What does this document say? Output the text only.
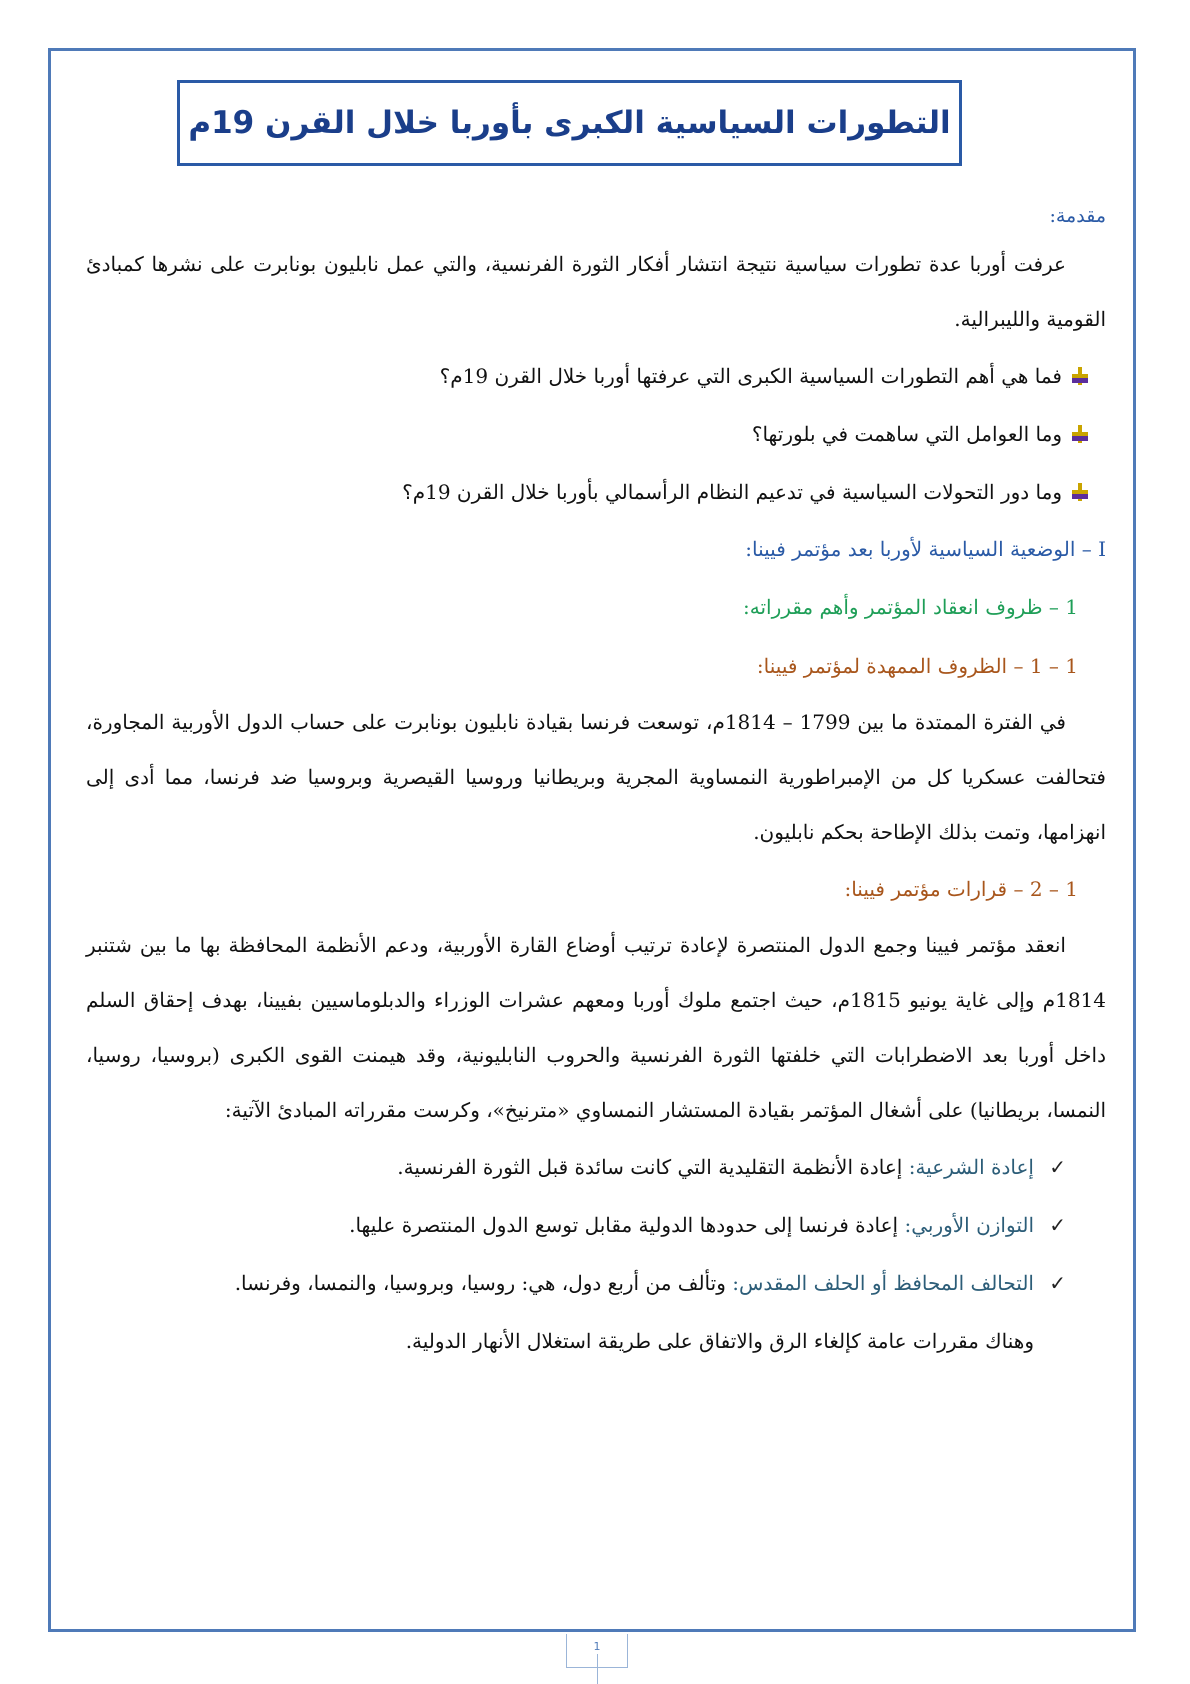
التطورات السياسية الكبرى بأوربا خلال القرن 19م

مقدمة:

عرفت أوربا عدة تطورات سياسية نتيجة انتشار أفكار الثورة الفرنسية، والتي عمل نابليون بونابرت على نشرها كمبادئ القومية والليبرالية.

فما هي أهم التطورات السياسية الكبرى التي عرفتها أوربا خلال القرن 19م؟
وما العوامل التي ساهمت في بلورتها؟
وما دور التحولات السياسية في تدعيم النظام الرأسمالي بأوربا خلال القرن 19م؟

I – الوضعية السياسية لأوربا بعد مؤتمر فيينا:

1 – ظروف انعقاد المؤتمر وأهم مقرراته:

1 – 1 – الظروف الممهدة لمؤتمر فيينا:

في الفترة الممتدة ما بين 1799 – 1814م، توسعت فرنسا بقيادة نابليون بونابرت على حساب الدول الأوربية المجاورة، فتحالفت عسكريا كل من الإمبراطورية النمساوية المجرية وبريطانيا وروسيا القيصرية وبروسيا ضد فرنسا، مما أدى إلى انهزامها، وتمت بذلك الإطاحة بحكم نابليون.

1 – 2 – قرارات مؤتمر فيينا:

انعقد مؤتمر فيينا وجمع الدول المنتصرة لإعادة ترتيب أوضاع القارة الأوربية، ودعم الأنظمة المحافظة بها ما بين شتنبر 1814م وإلى غاية يونيو 1815م، حيث اجتمع ملوك أوربا ومعهم عشرات الوزراء والدبلوماسيين بفيينا، بهدف إحقاق السلم داخل أوربا بعد الاضطرابات التي خلفتها الثورة الفرنسية والحروب النابليونية، وقد هيمنت القوى الكبرى (بروسيا، روسيا، النمسا، بريطانيا) على أشغال المؤتمر بقيادة المستشار النمساوي «مترنيخ»، وكرست مقرراته المبادئ الآتية:

✓إعادة الشرعية: إعادة الأنظمة التقليدية التي كانت سائدة قبل الثورة الفرنسية.
✓التوازن الأوربي: إعادة فرنسا إلى حدودها الدولية مقابل توسع الدول المنتصرة عليها.
✓التحالف المحافظ أو الحلف المقدس: وتألف من أربع دول، هي: روسيا، وبروسيا، والنمسا، وفرنسا.

وهناك مقررات عامة كإلغاء الرق والاتفاق على طريقة استغلال الأنهار الدولية.

1
